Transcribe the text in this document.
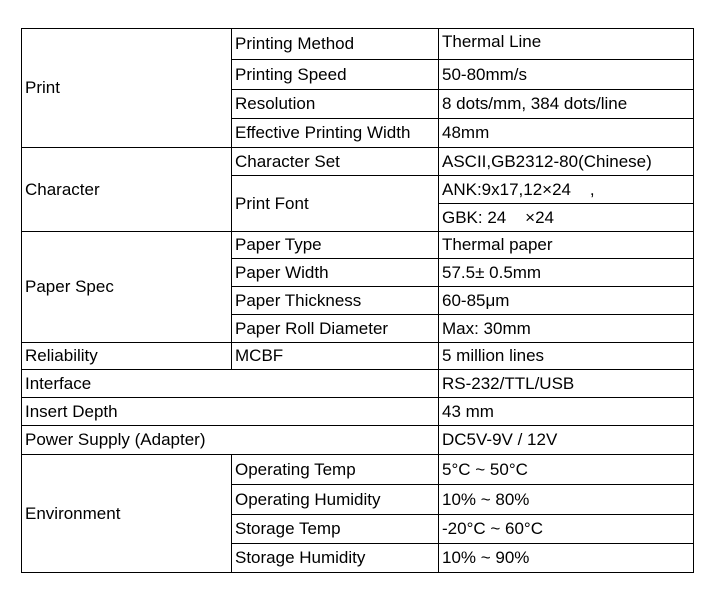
Print	Printing Method	Thermal Line
	Printing Speed	50-80mm/s
	Resolution	8 dots/mm, 384 dots/line
	Effective Printing Width	48mm
Character	Character Set	ASCII,GB2312-80(Chinese)
	Print Font	ANK:9x17,12×24    ,
		GBK: 24    ×24
Paper Spec	Paper Type	Thermal paper
	Paper Width	57.5± 0.5mm
	Paper Thickness	60-85μm
	Paper Roll Diameter	Max: 30mm
Reliability	MCBF	5 million lines
Interface		RS-232/TTL/USB
Insert Depth		43 mm
Power Supply (Adapter)		DC5V-9V / 12V
Environment	Operating Temp	5°C ~ 50°C
	Operating Humidity	10% ~ 80%
	Storage Temp	-20°C ~ 60°C
	Storage Humidity	10% ~ 90%
